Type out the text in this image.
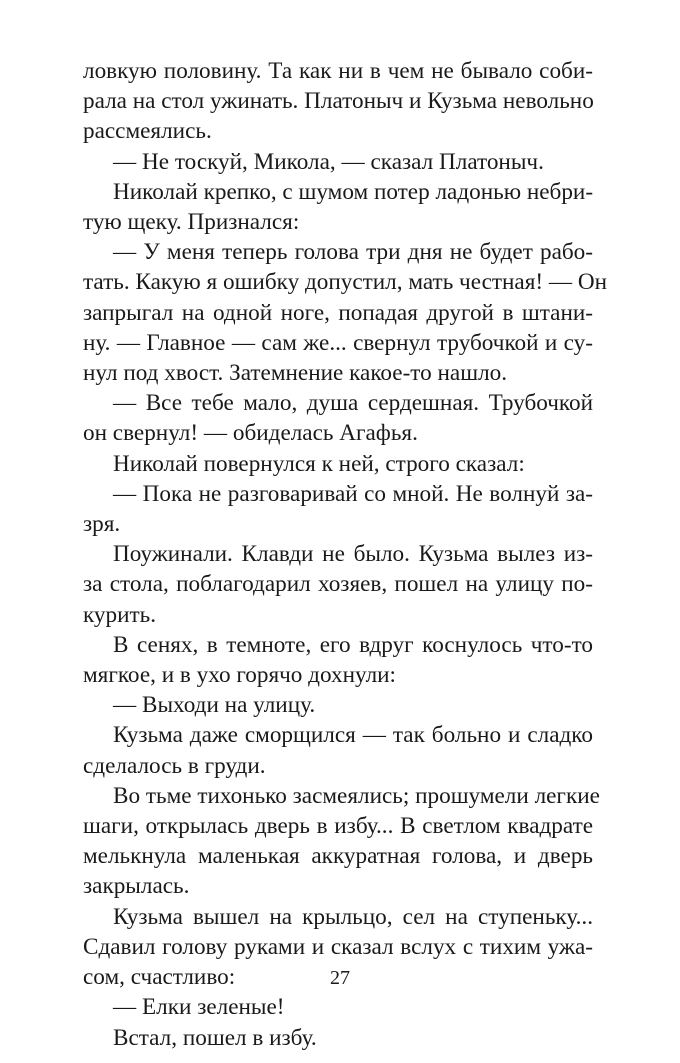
ловкую половину. Та как ни в чем не бывало соби-
рала на стол ужинать. Платоныч и Кузьма невольно
рассмеялись.

— Не тоскуй, Микола, — сказал Платоныч.

Николай крепко, с шумом потер ладонью небри-
тую щеку. Признался:

— У меня теперь голова три дня не будет рабо-
тать. Какую я ошибку допустил, мать честная! — Он
запрыгал на одной ноге, попадая другой в штани-
ну. — Главное — сам же... свернул трубочкой и су-
нул под хвост. Затемнение какое-то нашло.

— Все тебе мало, душа сердешная. Трубочкой
он свернул! — обиделась Агафья.

Николай повернулся к ней, строго сказал:

— Пока не разговаривай со мной. Не волнуй за-
зря.

Поужинали. Клавди не было. Кузьма вылез из-
за стола, поблагодарил хозяев, пошел на улицу по-
курить.

В сенях, в темноте, его вдруг коснулось что-то
мягкое, и в ухо горячо дохнули:

— Выходи на улицу.

Кузьма даже сморщился — так больно и сладко
сделалось в груди.

Во тьме тихонько засмеялись; прошумели легкие
шаги, открылась дверь в избу... В светлом квадрате
мелькнула маленькая аккуратная голова, и дверь
закрылась.

Кузьма вышел на крыльцо, сел на ступеньку...
Сдавил голову руками и сказал вслух с тихим ужа-
сом, счастливо:

— Елки зеленые!

Встал, пошел в избу.

27
